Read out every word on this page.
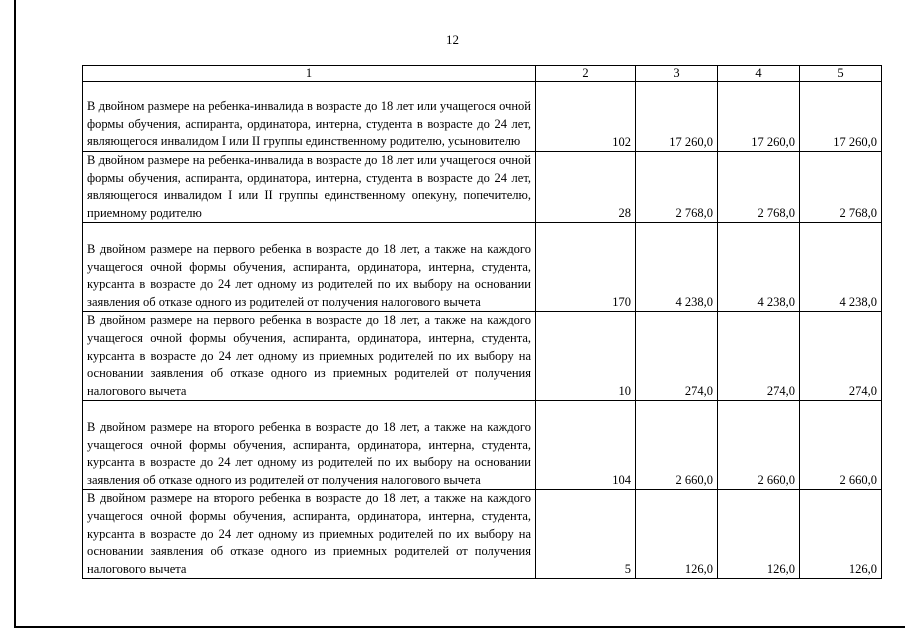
12
1	2	3	4	5
В двойном размере на ребенка-инвалида в возрасте до 18 лет или учащегося очной формы обучения, аспиранта, ординатора, интерна, студента в возрасте до 24 лет, являющегося инвалидом I или II группы единственному родителю, усыновителю	102	17 260,0	17 260,0	17 260,0
В двойном размере на ребенка-инвалида в возрасте до 18 лет или учащегося очной формы обучения, аспиранта, ординатора, интерна, студента в возрасте до 24 лет, являющегося инвалидом I или II группы единственному опекуну, попечителю, приемному родителю	28	2 768,0	2 768,0	2 768,0
В двойном размере на первого ребенка в возрасте до 18 лет, а также на каждого учащегося очной формы обучения, аспиранта, ординатора, интерна, студента, курсанта в возрасте до 24 лет одному из родителей по их выбору на основании заявления об отказе одного из родителей от получения налогового вычета	170	4 238,0	4 238,0	4 238,0
В двойном размере на первого ребенка в возрасте до 18 лет, а также на каждого учащегося очной формы обучения, аспиранта, ординатора, интерна, студента, курсанта в возрасте до 24 лет одному из приемных родителей по их выбору на основании заявления об отказе одного из приемных родителей от получения налогового вычета	10	274,0	274,0	274,0
В двойном размере на второго ребенка в возрасте до 18 лет, а также на каждого учащегося очной формы обучения, аспиранта, ординатора, интерна, студента, курсанта в возрасте до 24 лет одному из родителей по их выбору на основании заявления об отказе одного из родителей от получения налогового вычета	104	2 660,0	2 660,0	2 660,0
В двойном размере на второго ребенка в возрасте до 18 лет, а также на каждого учащегося очной формы обучения, аспиранта, ординатора, интерна, студента, курсанта в возрасте до 24 лет одному из приемных родителей по их выбору на основании заявления об отказе одного из приемных родителей от получения налогового вычета	5	126,0	126,0	126,0
